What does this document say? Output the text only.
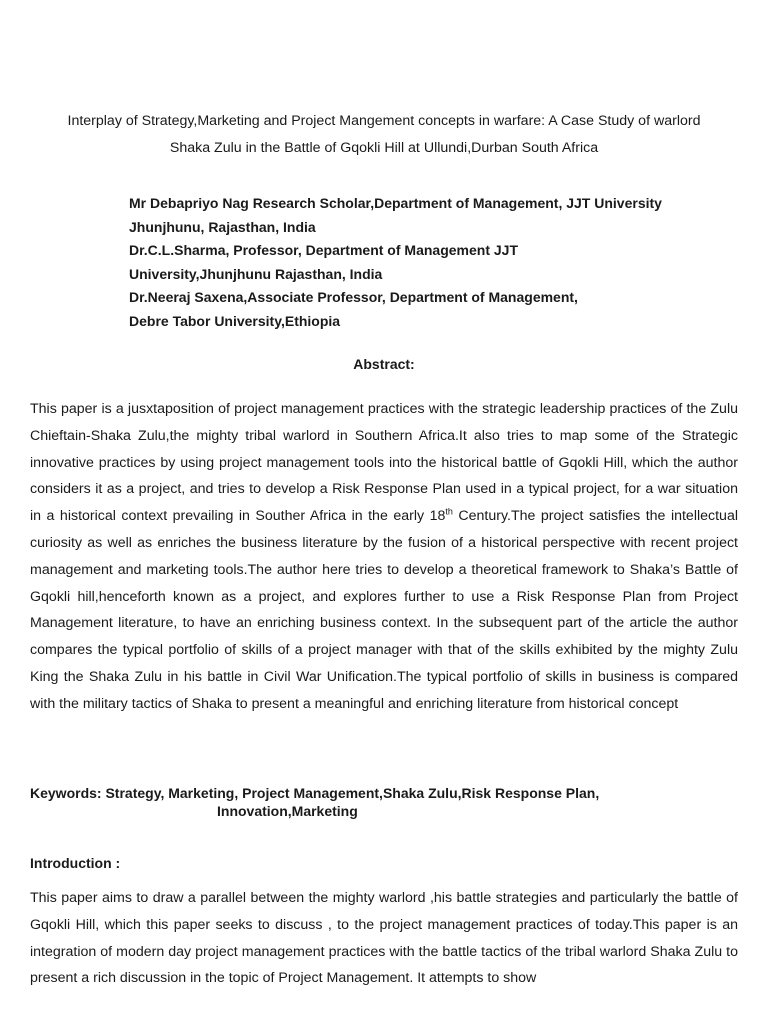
Interplay of Strategy,Marketing and Project Mangement concepts in warfare: A Case Study of warlord
Shaka Zulu in the Battle of Gqokli Hill at Ullundi,Durban South Africa
Mr Debapriyo Nag Research Scholar,Department of Management, JJT University
Jhunjhunu, Rajasthan, India
Dr.C.L.Sharma, Professor, Department of Management JJT
University,Jhunjhunu Rajasthan, India
Dr.Neeraj Saxena,Associate Professor, Department of Management,
Debre Tabor University,Ethiopia
Abstract:
This paper is a jusxtaposition of project management practices with the strategic leadership practices of the Zulu Chieftain-Shaka Zulu,the mighty tribal warlord in Southern Africa.It also tries to map some of the Strategic innovative practices by using project management tools into the historical battle of Gqokli Hill, which the author considers it as a project, and tries to develop a Risk Response Plan used in a typical project, for a war situation in a historical context prevailing in Souther Africa in the early 18th Century.The project satisfies the intellectual curiosity as well as enriches the business literature by the fusion of a historical perspective with recent project management and marketing tools.The author here tries to develop a theoretical framework to Shaka’s Battle of Gqokli hill,henceforth known as a project, and explores further to use a Risk Response Plan from Project Management literature, to have an enriching business context. In the subsequent part of the article the author compares the typical portfolio of skills of a project manager with that of the skills exhibited by the mighty Zulu King the Shaka Zulu in his battle in Civil War Unification.The typical portfolio of skills in business is compared with the military tactics of Shaka to present a meaningful and enriching literature from historical concept
Keywords: Strategy, Marketing, Project Management,Shaka Zulu,Risk Response Plan,
Innovation,Marketing
Introduction :
This paper aims to draw a parallel between the mighty warlord ,his battle strategies and particularly the battle of Gqokli Hill, which this paper seeks to discuss , to the project management practices of today.This paper is an integration of modern day project management practices with the battle tactics of the tribal warlord Shaka Zulu to present a rich discussion in the topic of Project Management. It attempts to show
